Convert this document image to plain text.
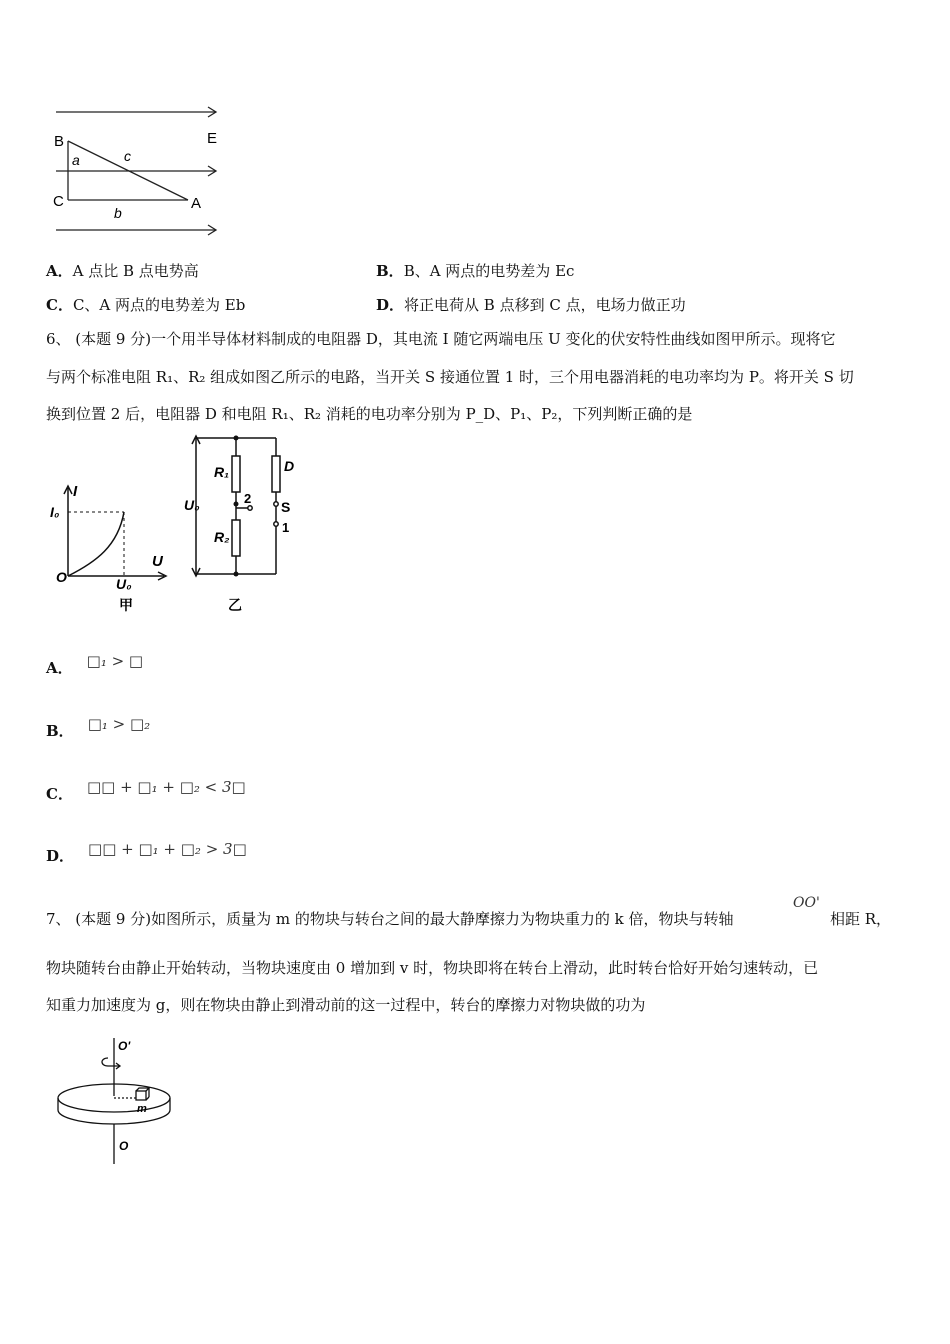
B	E
a	c
C	A
b
A．A 点比 B 点电势高	B．B、A 两点的电势差为 Ec
C．C、A 两点的电势差为 Eb	D．将正电荷从 B 点移到 C 点，电场力做正功
6、 (本题 9 分)一个用半导体材料制成的电阻器 D，其电流 I 随它两端电压 U 变化的伏安特性曲线如图甲所示。现将它
与两个标准电阻 R₁、R₂ 组成如图乙所示的电路，当开关 S 接通位置 1 时，三个用电器消耗的电功率均为 P。将开关 S 切
换到位置 2 后，电阻器 D 和电阻 R₁、R₂ 消耗的电功率分别为 P_D、P₁、P₂，下列判断正确的是
I
U
I₀
O	U₀
甲
U₀
R₁
R₂
D
2
S
1
乙
A． □₁ > □
B． □₁ > □₂
C． □□ + □₁ + □₂ < 3□
D． □□ + □₁ + □₂ > 3□
7、 (本题 9 分)如图所示，质量为 m 的物块与转台之间的最大静摩擦力为物块重力的 k 倍，物块与转轴
OO'
相距 R，
物块随转台由静止开始转动，当物块速度由 0 增加到 v 时，物块即将在转台上滑动，此时转台恰好开始匀速转动，已
知重力加速度为 g，则在物块由静止到滑动前的这一过程中，转台的摩擦力对物块做的功为
O'
m
O
